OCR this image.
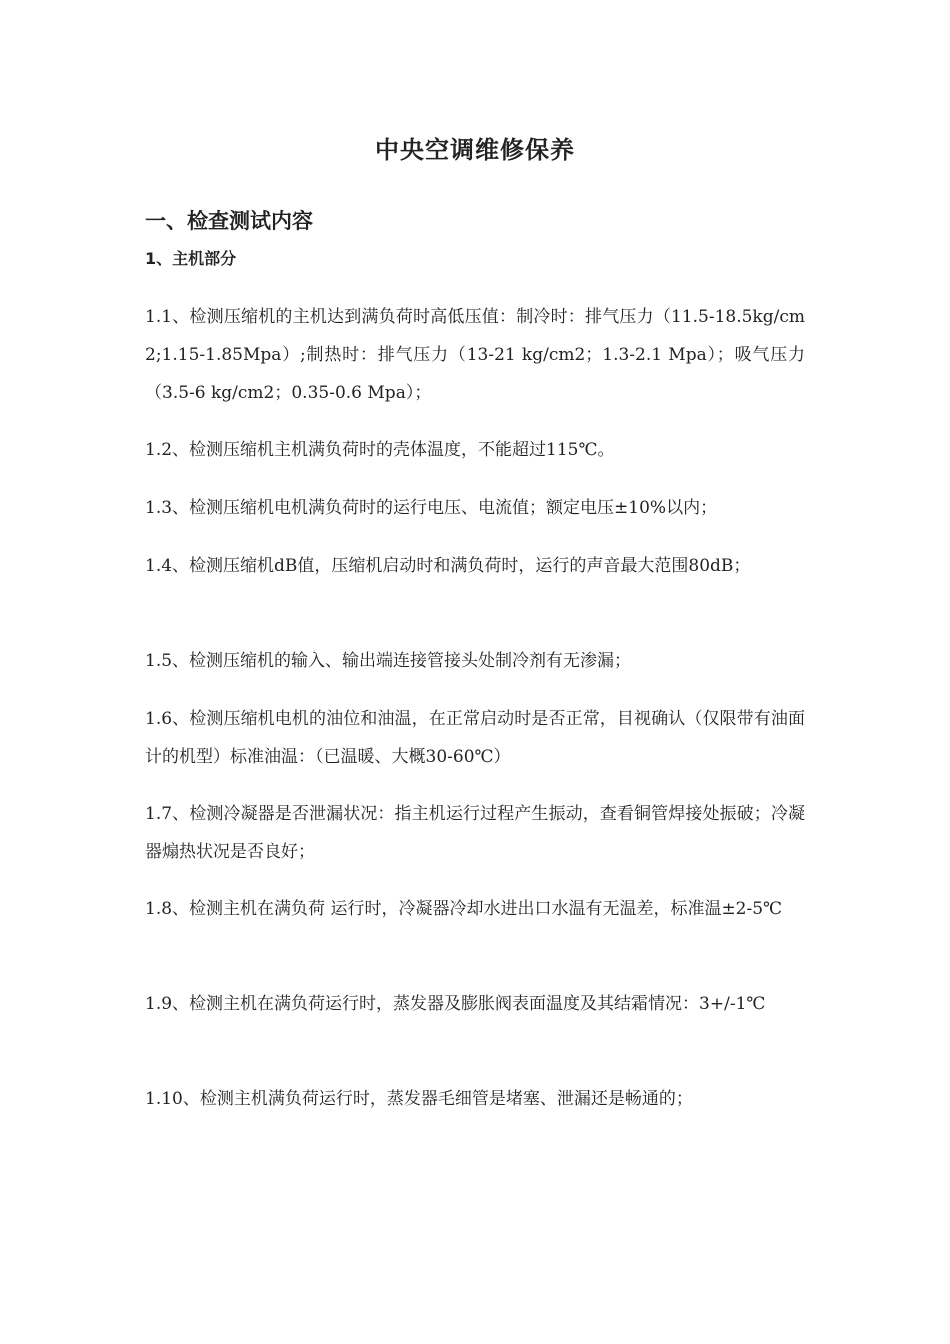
中央空调维修保养
一、检查测试内容
1、主机部分

1.1、检测压缩机的主机达到满负荷时高低压值：制冷时：排气压力（11.5-18.5kg/cm2;1.15-1.85Mpa）;制热时：排气压力（13-21 kg/cm2；1.3-2.1 Mpa）；吸气压力（3.5-6 kg/cm2；0.35-0.6 Mpa）；

1.2、检测压缩机主机满负荷时的壳体温度，不能超过115℃。

1.3、检测压缩机电机满负荷时的运行电压、电流值；额定电压±10%以内；

1.4、检测压缩机dB值，压缩机启动时和满负荷时，运行的声音最大范围80dB；

1.5、检测压缩机的输入、输出端连接管接头处制冷剂有无渗漏；

1.6、检测压缩机电机的油位和油温，在正常启动时是否正常，目视确认（仅限带有油面计的机型）标准油温：（已温暖、大概30-60℃）

1.7、检测冷凝器是否泄漏状况：指主机运行过程产生振动，查看铜管焊接处振破；冷凝器煽热状况是否良好；

1.8、检测主机在满负荷 运行时，冷凝器冷却水进出口水温有无温差，标准温±2-5℃

1.9、检测主机在满负荷运行时，蒸发器及膨胀阀表面温度及其结霜情况：3+/-1℃

1.10、检测主机满负荷运行时，蒸发器毛细管是堵塞、泄漏还是畅通的；
